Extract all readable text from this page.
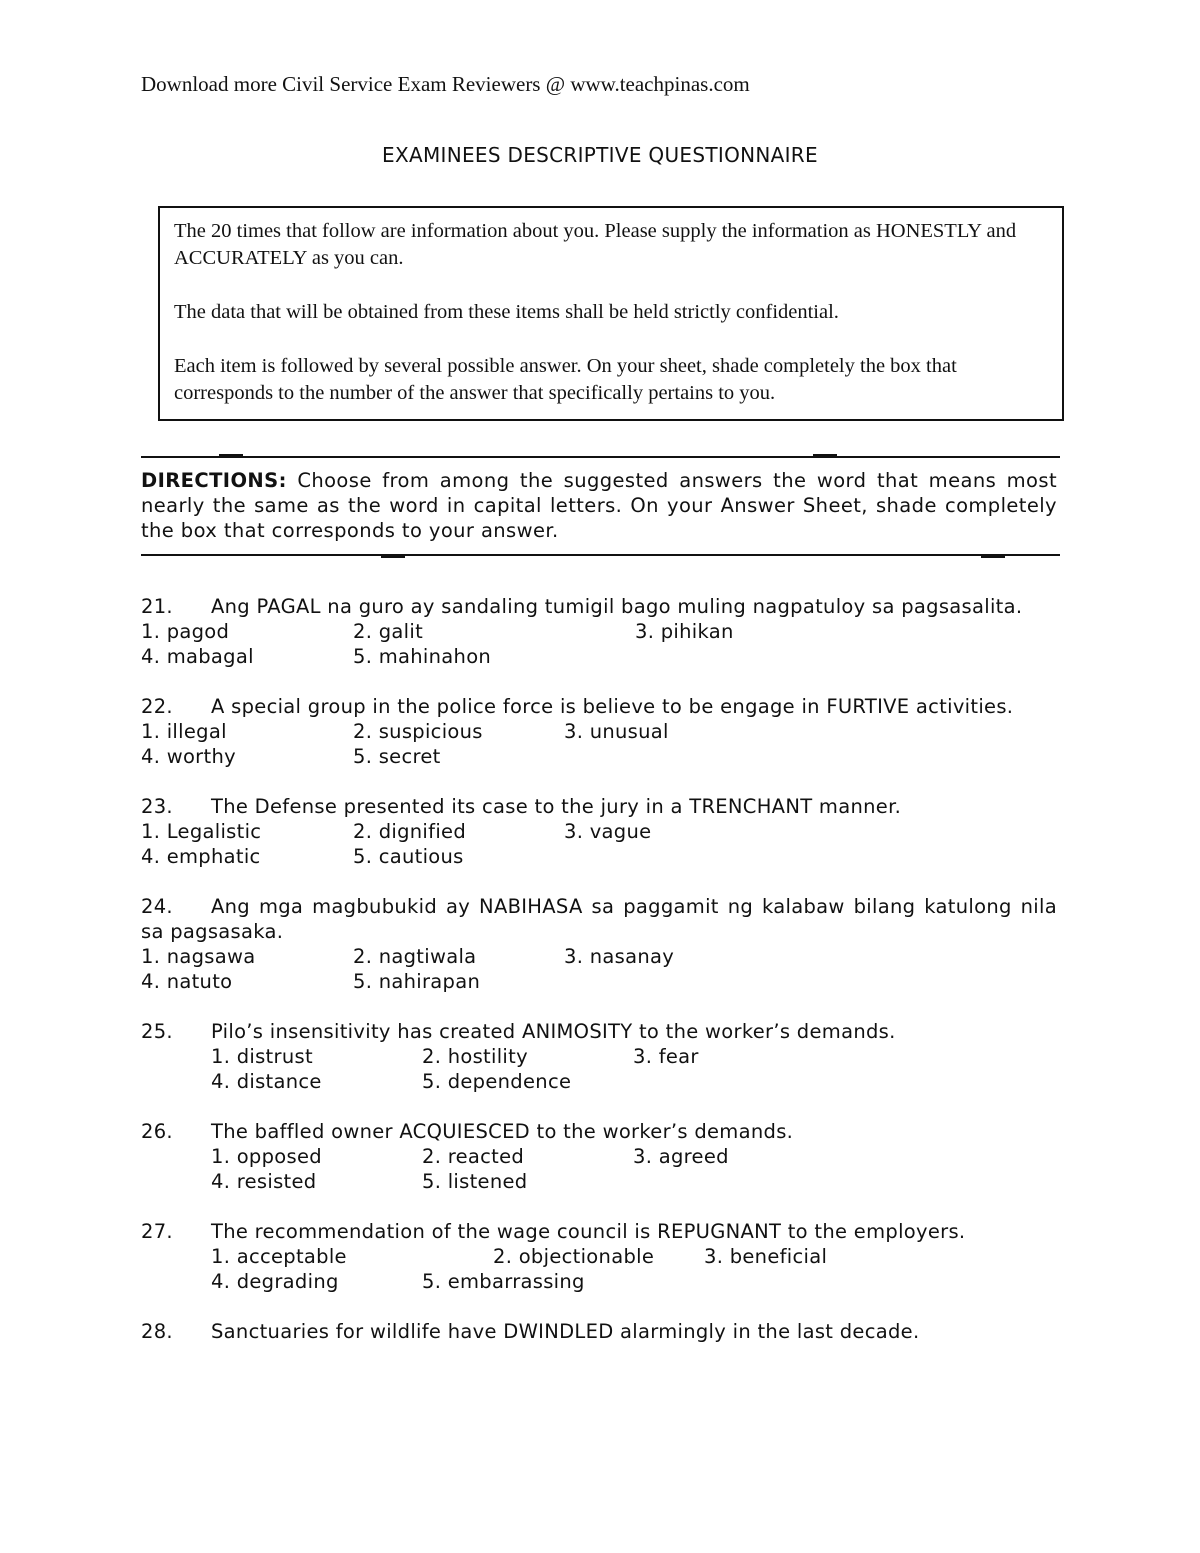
Download more Civil Service Exam Reviewers @ www.teachpinas.com
EXAMINEES DESCRIPTIVE QUESTIONNAIRE

The 20 times that follow are information about you. Please supply the information as HONESTLY and ACCURATELY as you can.

The data that will be obtained from these items shall be held strictly confidential.

Each item is followed by several possible answer. On your sheet, shade completely the box that corresponds to the number of the answer that specifically pertains to you.

DIRECTIONS: Choose from among the suggested answers the word that means most nearly the same as the word in capital letters. On your Answer Sheet, shade completely the box that corresponds to your answer.
21. Ang PAGAL na guro ay sandaling tumigil bago muling nagpatuloy sa pagsasalita.
1. pagod	2. galit	3. pihikan
4. mabagal	5. mahinahon
22. A special group in the police force is believe to be engage in FURTIVE activities.
1. illegal	2. suspicious	3. unusual
4. worthy	5. secret
23. The Defense presented its case to the jury in a TRENCHANT manner.
1. Legalistic	2. dignified	3. vague
4. emphatic	5. cautious
24. Ang mga magbubukid ay NABIHASA sa paggamit ng kalabaw bilang katulong nila sa pagsasaka.
1. nagsawa	2. nagtiwala	3. nasanay
4. natuto	5. nahirapan
25. Pilo’s insensitivity has created ANIMOSITY to the worker’s demands.
1. distrust	2. hostility	3. fear
4. distance	5. dependence
26. The baffled owner ACQUIESCED to the worker’s demands.
1. opposed	2. reacted	3. agreed
4. resisted	5. listened
27. The recommendation of the wage council is REPUGNANT to the employers.
1. acceptable	2. objectionable	3. beneficial
4. degrading	5. embarrassing
28. Sanctuaries for wildlife have DWINDLED alarmingly in the last decade.
